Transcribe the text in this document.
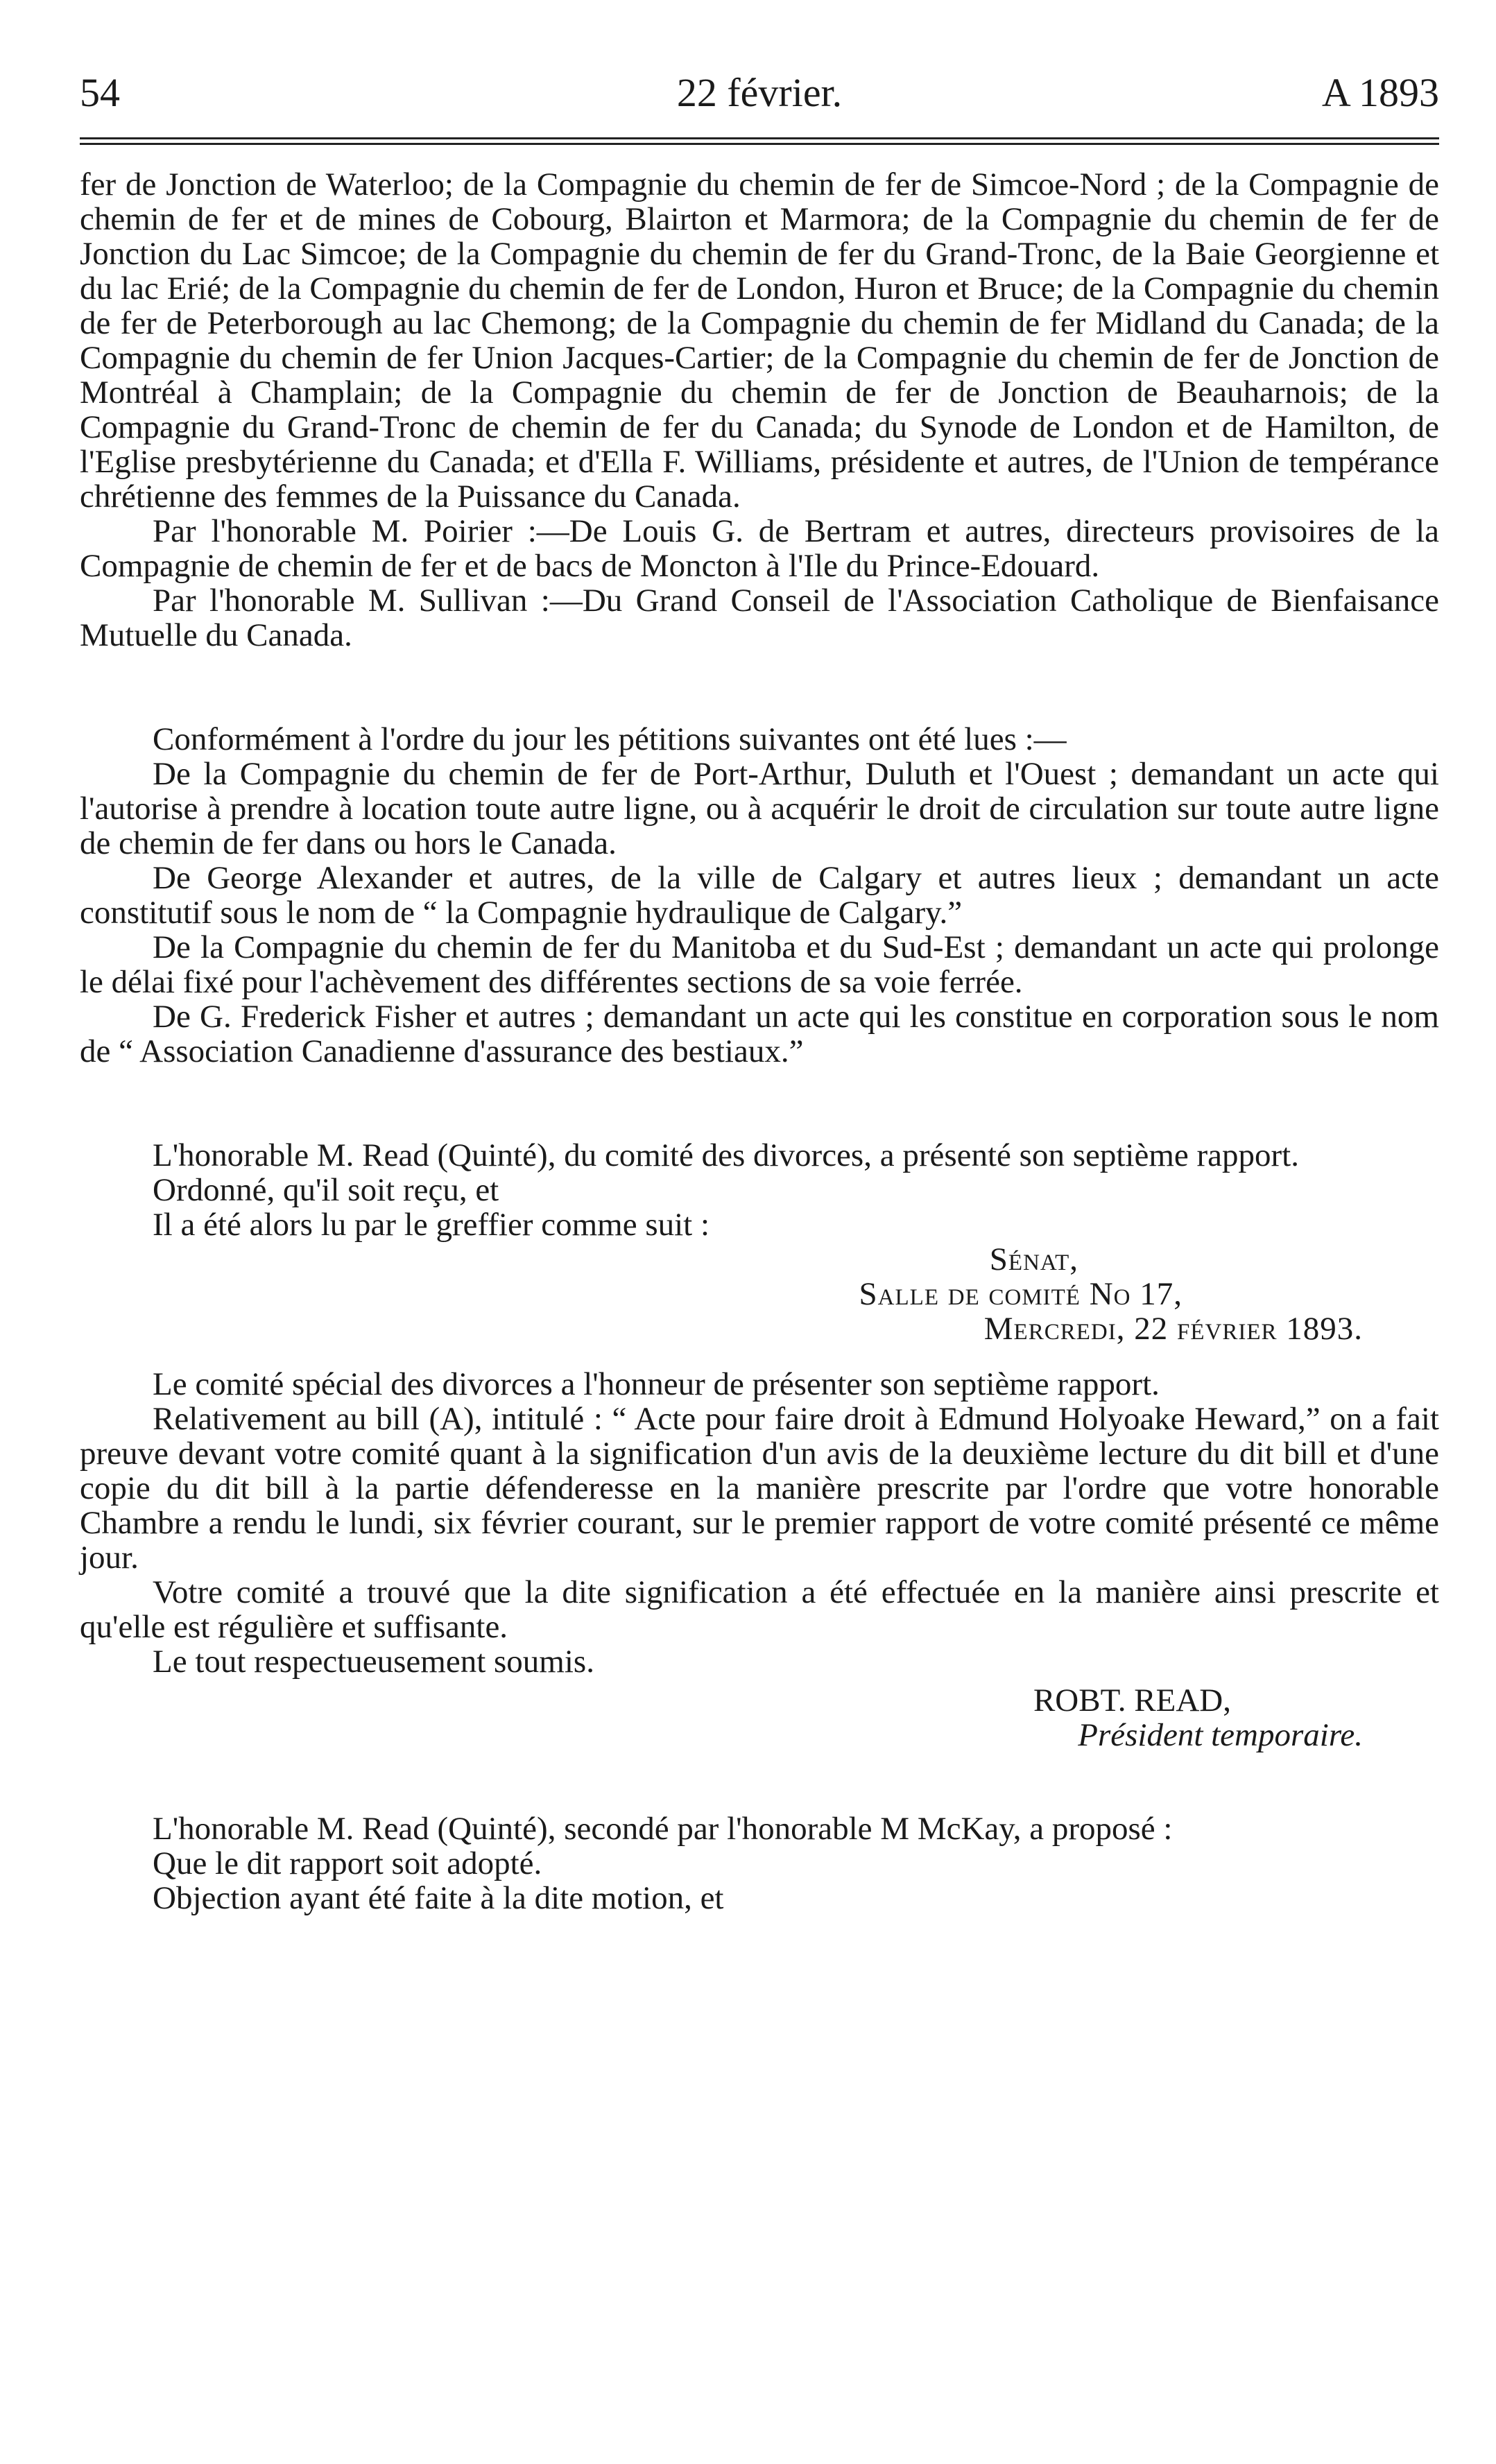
54	22 février.	A 1893

fer de Jonction de Waterloo; de la Compagnie du chemin de fer de Simcoe-Nord ; de la Compagnie de chemin de fer et de mines de Cobourg, Blairton et Marmora; de la Compagnie du chemin de fer de Jonction du Lac Simcoe; de la Compagnie du chemin de fer du Grand-Tronc, de la Baie Georgienne et du lac Erié; de la Compagnie du chemin de fer de London, Huron et Bruce; de la Compagnie du chemin de fer de Peterborough au lac Chemong; de la Compagnie du chemin de fer Midland du Canada; de la Compagnie du chemin de fer Union Jacques-Cartier; de la Compagnie du chemin de fer de Jonction de Montréal à Champlain; de la Compagnie du chemin de fer de Jonction de Beauharnois; de la Compagnie du Grand-Tronc de chemin de fer du Canada; du Synode de London et de Hamilton, de l'Eglise presbytérienne du Canada; et d'Ella F. Williams, présidente et autres, de l'Union de tempérance chrétienne des femmes de la Puissance du Canada.

Par l'honorable M. Poirier :—De Louis G. de Bertram et autres, directeurs provisoires de la Compagnie de chemin de fer et de bacs de Moncton à l'Ile du Prince-Edouard.

Par l'honorable M. Sullivan :—Du Grand Conseil de l'Association Catholique de Bienfaisance Mutuelle du Canada.

Conformément à l'ordre du jour les pétitions suivantes ont été lues :—

De la Compagnie du chemin de fer de Port-Arthur, Duluth et l'Ouest ; demandant un acte qui l'autorise à prendre à location toute autre ligne, ou à acquérir le droit de circulation sur toute autre ligne de chemin de fer dans ou hors le Canada.

De George Alexander et autres, de la ville de Calgary et autres lieux ; demandant un acte constitutif sous le nom de “ la Compagnie hydraulique de Calgary.”

De la Compagnie du chemin de fer du Manitoba et du Sud-Est ; demandant un acte qui prolonge le délai fixé pour l'achèvement des différentes sections de sa voie ferrée.

De G. Frederick Fisher et autres ; demandant un acte qui les constitue en corporation sous le nom de “ Association Canadienne d'assurance des bestiaux.”

L'honorable M. Read (Quinté), du comité des divorces, a présenté son septième rapport.

Ordonné, qu'il soit reçu, et

Il a été alors lu par le greffier comme suit :

Sénat,
Salle de comité No 17,
Mercredi, 22 février 1893.

Le comité spécial des divorces a l'honneur de présenter son septième rapport.

Relativement au bill (A), intitulé : “ Acte pour faire droit à Edmund Holyoake Heward,” on a fait preuve devant votre comité quant à la signification d'un avis de la deuxième lecture du dit bill et d'une copie du dit bill à la partie défenderesse en la manière prescrite par l'ordre que votre honorable Chambre a rendu le lundi, six février courant, sur le premier rapport de votre comité présenté ce même jour.

Votre comité a trouvé que la dite signification a été effectuée en la manière ainsi prescrite et qu'elle est régulière et suffisante.

Le tout respectueusement soumis.

ROBT. READ,
Président temporaire.

L'honorable M. Read (Quinté), secondé par l'honorable M McKay, a proposé :

Que le dit rapport soit adopté.

Objection ayant été faite à la dite motion, et
